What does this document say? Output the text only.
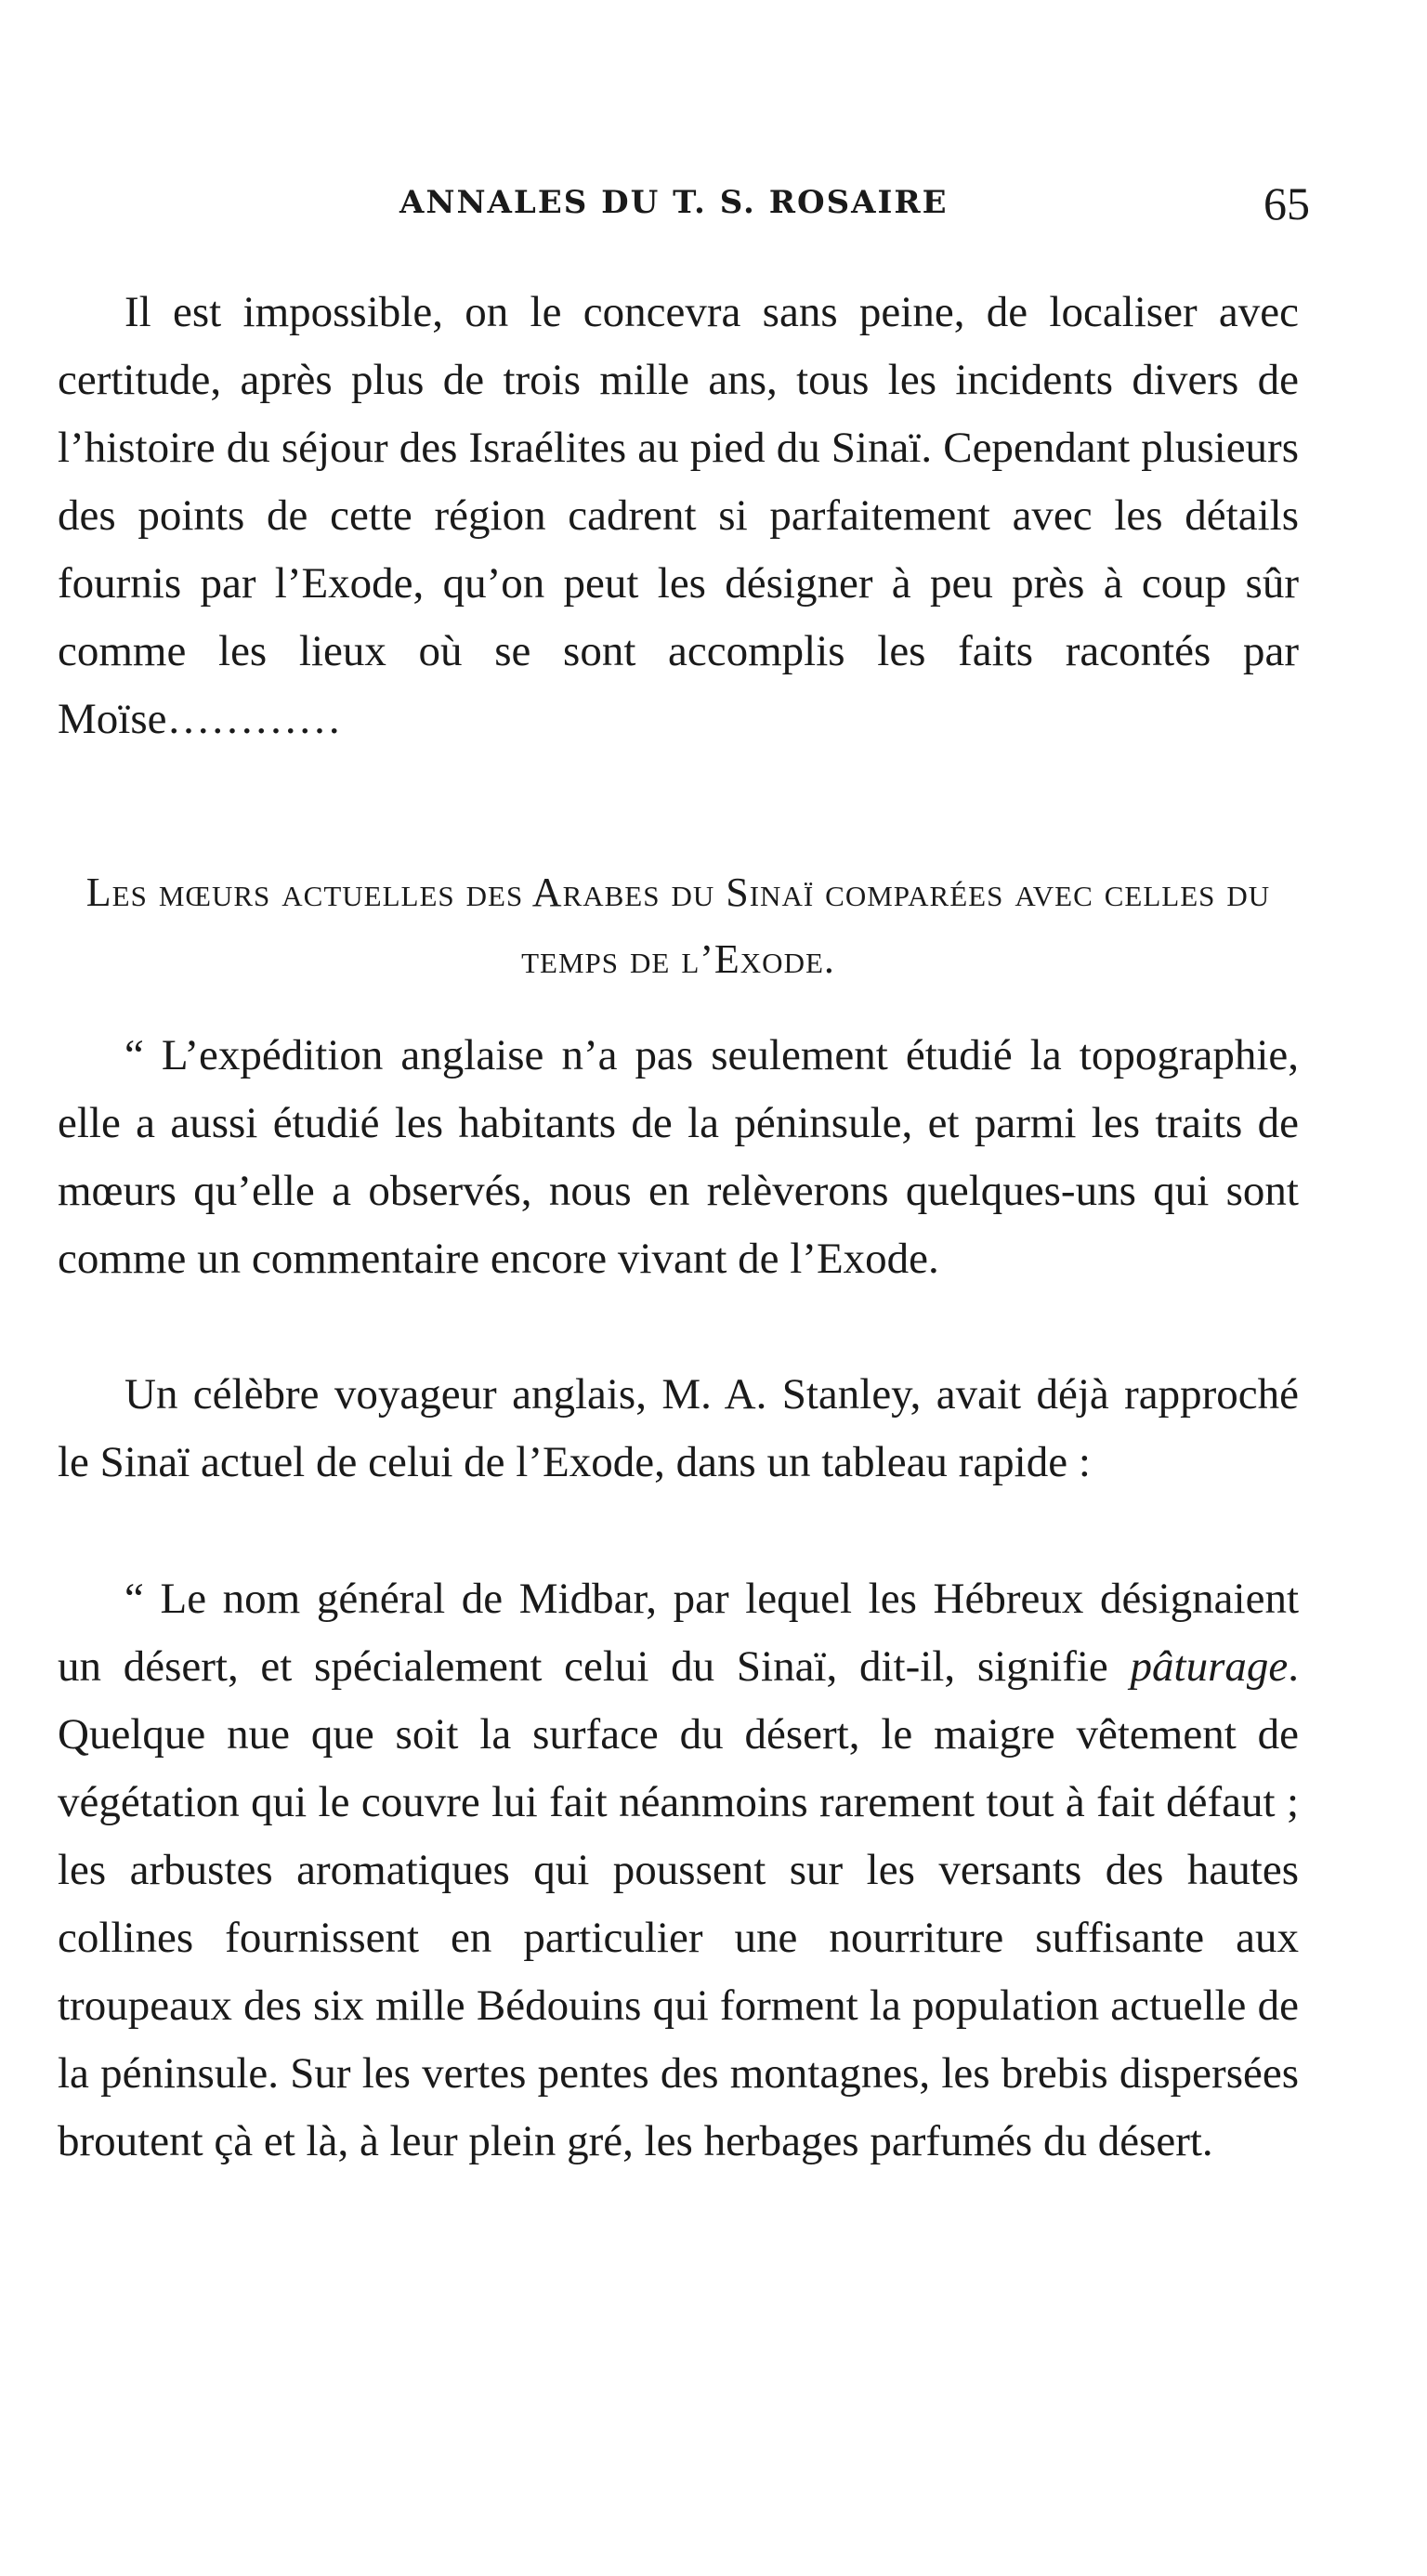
ANNALES DU T. S. ROSAIRE	65

Il est impossible, on le concevra sans peine, de localiser avec certitude, après plus de trois mille ans, tous les incidents divers de l’histoire du séjour des Israélites au pied du Sinaï. Cependant plusieurs des points de cette région cadrent si parfaitement avec les détails fournis par l’Exode, qu’on peut les désigner à peu près à coup sûr comme les lieux où se sont accomplis les faits racontés par Moïse…………

Les mœurs actuelles des Arabes du Sinaï comparées avec celles du temps de l’Exode.

“ L’expédition anglaise n’a pas seulement étudié la topographie, elle a aussi étudié les habitants de la péninsule, et parmi les traits de mœurs qu’elle a observés, nous en relèverons quelques-uns qui sont comme un commentaire encore vivant de l’Exode.

Un célèbre voyageur anglais, M. A. Stanley, avait déjà rapproché le Sinaï actuel de celui de l’Exode, dans un tableau rapide :

“ Le nom général de Midbar, par lequel les Hébreux désignaient un désert, et spécialement celui du Sinaï, dit-il, signifie pâturage. Quelque nue que soit la surface du désert, le maigre vêtement de végétation qui le couvre lui fait néanmoins rarement tout à fait défaut ; les arbustes aromatiques qui poussent sur les versants des hautes collines fournissent en particulier une nourriture suffisante aux troupeaux des six mille Bédouins qui forment la population actuelle de la péninsule. Sur les vertes pentes des montagnes, les brebis dispersées broutent çà et là, à leur plein gré, les herbages parfumés du désert.
